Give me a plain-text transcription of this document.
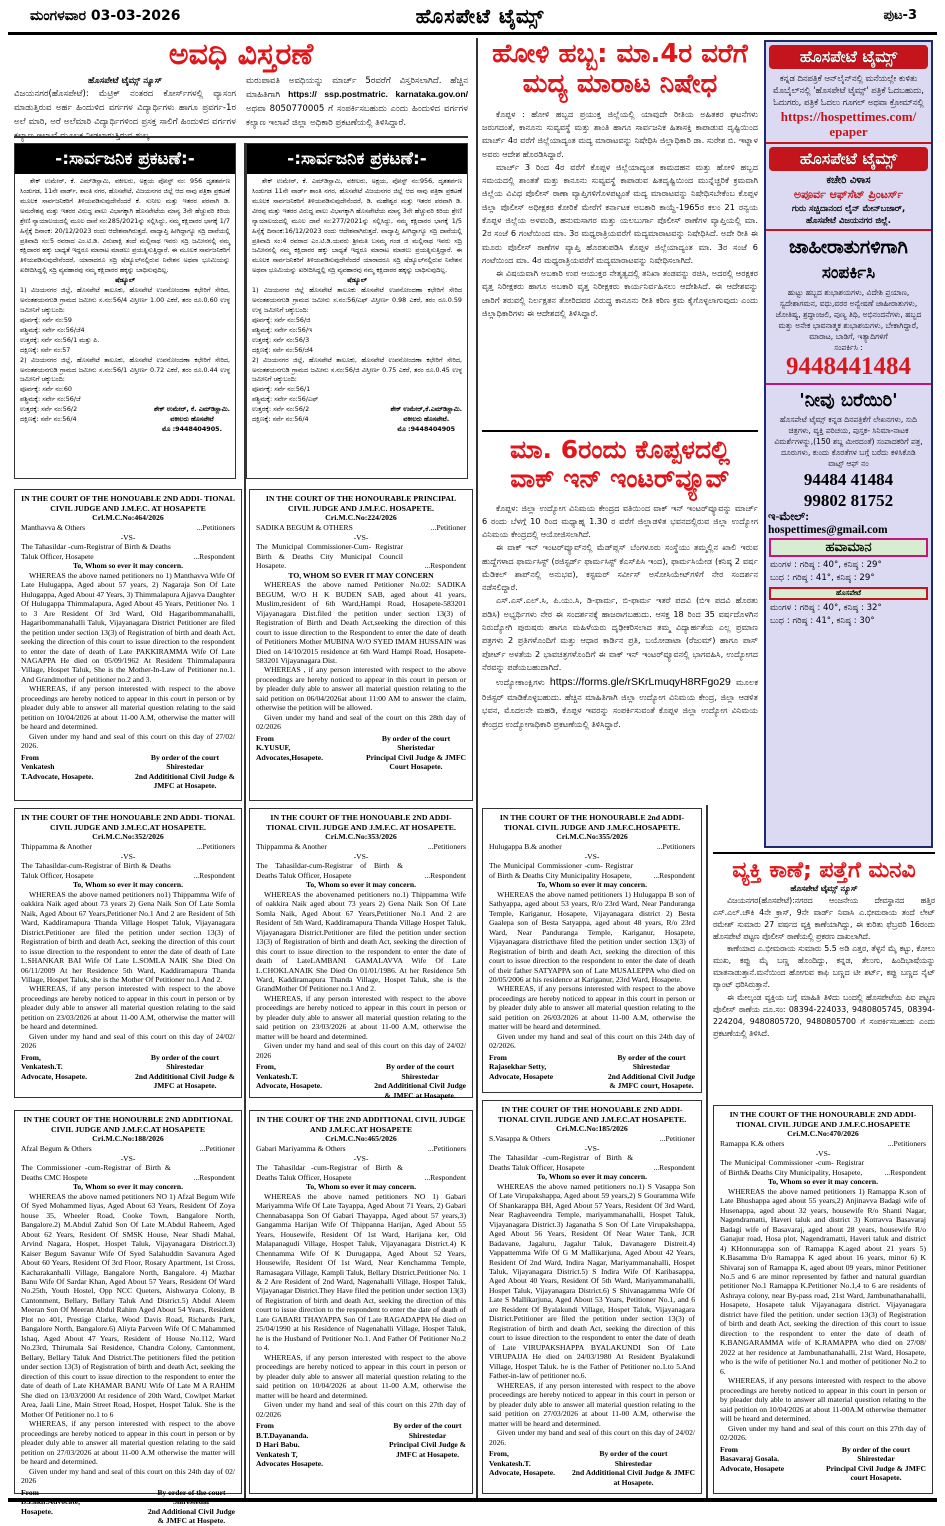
ಮಂಗಳವಾರ 03-03-2026	ಹೊಸಪೇಟೆ ಟೈಮ್ಸ್	ಪುಟ-3
ಅವಧಿ ವಿಸ್ತರಣೆ
ಹೊಸಪೇಟೆ ಟೈಮ್ಸ್ ನ್ಯೂಸ್
ವಿಜಯನಗರ(ಹೊಸಪೇಟೆ): ಮೆಟ್ರಿಕ್ ನಂತರದ ಕೋರ್ಸ್‌ಗಳಲ್ಲಿ ವ್ಯಾಸಂಗ ಮಾಡುತ್ತಿರುವ ಅರ್ಹ ಹಿಂದುಳಿದ ವರ್ಗಗಳ ವಿದ್ಯಾರ್ಥಿಗಳು ಹಾಗೂ ಪ್ರವರ್ಗ-1ರ ಅಲೆ ಮಾರಿ, ಅರೆ ಅಲೆಮಾರಿ ವಿದ್ಯಾರ್ಥಿಗಳಿಂದ ಪ್ರಸಕ್ತ ಸಾಲಿಗೆ ಹಿಂದುಳಿದ ವರ್ಗಗಳ
ಮರುಪಾವತಿ ಅವಧಿಯನ್ನು ಮಾರ್ಚ್ 5ರವರೆಗೆ ವಿಸ್ತರಿಸಲಾಗಿದೆ. ಹೆಚ್ಚಿನ ಮಾಹಿತಿಗಾಗಿ https:// ssp.postmatric. karnataka.gov.on/ ಅಥವಾ 8050770005 ಗೆ ಸಂಪರ್ಕಿಸಬಹುದು ಎಂದು ಹಿಂದುಳಿದ ವರ್ಗಗಳ ಕಲ್ಯಾಣ ಇಲಾಖೆ ಜಿಲ್ಲಾ ಅಧಿಕಾರಿ ಪ್ರಕಟಣೆಯಲ್ಲಿ ತಿಳಿಸಿದ್ದಾರೆ.
-:ಸಾರ್ವಜನಿಕ ಪ್ರಕಟಣೆ:-

ಶೇಕ್ ಉಮೇರ್, ಕೆ. ಎಮ್‌ಡಿಸ್ಲಾಮಿ, ವಕೀಲರು, ಅಕ್ಷಯ ಪೋಸ್ಟ್ ನಂ: 956 ದೃತತರ್ಪಣ ಸಿಂಡುಗಡ, 11ನೇ ವಾರ್ಡ್, ಶಾಂತಿ ನಗರ, ಹೊಸಪೇಟೆ, ವಿಜಯನಗರ ಜಿಲ್ಲೆ ಆದ ನಾವು ಪತ್ರಿಕಾ ಪ್ರಕಟಣೆ ಮೂಲಕ ಸಾರ್ವಜನಿಕರಿಗೆ ತಿಳಿಯಪಡಿಸುವುದೇನೆಂದರೆ ಕೆ. ಸುನೀಲ ಮತ್ತು ಇತರರ ಪರವಾಗಿ ಡಿ. ಅಮರೇಶಪ್ಪ ಮತ್ತು ಇತರರ ವಿರುದ್ಧ ಪಾಲು ವಿಭಾಗಕ್ಕಾಗಿ ಹೊಸಪೇಟೆಯ ಮಾನ್ಯ 3ನೇ ಹೆಚ್ಚುವರಿ ಕಿರಿಯ ಶ್ರೇಣಿ ನ್ಯಾಯಾಲಯದಲ್ಲಿ ಮೂಲ ದಾವೆ ಸಂ:285/2021ನ್ನು ಸಲ್ಲಿಸಿದ್ದು, ನಮ್ಮ ಕಕ್ಷಿದಾರರ ಭಾಗಕ್ಕೆ 1/7 ಹಿಸ್ಸೆಕ್ಕೆ ದಿನಾಂಕ: 20/12/2023 ರಂದು ಆದೇಶವಾಗಿರುತ್ತದೆ. ವಾದ್ಯಾಪ್ತಿ ಹೀಗಿದ್ದಾಗ್ಯೂ ಸದ್ರಿ ದಾವೆಯಲ್ಲಿ ಪ್ರತಿವಾದಿ ಸಂ:5 ರವರಾದ ಎಂ.ಟಿ.ಡಿ. ವಿರುಪಾಕ್ಷಿ ತಂದೆ ಮಲ್ಲಿನಾಥ ಇವರು ಸದ್ರಿ ಜಮೀನನಲ್ಲಿ ನಮ್ಮ ಕಕ್ಷಿದಾರರ ಹಕ್ಕು ಬಾಧ್ಯತೆ ಇದ್ದರೂ ಮಾರಾಟ ಮಾಡಲು ಪ್ರಯತ್ನಿಸುತ್ತಿದ್ದಾರೆ. ಈ ಮೂಲಕ ಸಾರ್ವಜನಿಕರಿಗೆ ತಿಳಿಯಪಡಿಸುವುದೇನೆಂದರೆ, ಯಾರಾದರೂ ಸದ್ರಿ ಷೆಡ್ಯೂಲ್‌ನಲ್ಲಿರುವ ನಿವೇಶನ ಅಥವಾ ಭೂಮಿಯನ್ನು ಖರೀದಿಸಿದ್ದಲ್ಲಿ ಸದ್ರಿ ವ್ಯವಹಾರವು ನಮ್ಮ ಕಕ್ಷಿದಾರರ ಹಕ್ಕನ್ನು ಬಾಧಿಸುವುದಿಲ್ಲ.

ಷೆಡ್ಯೂಲ್
1) ವಿಜಯನಗರ ಜಿಲ್ಲೆ, ಹೊಸಪೇಟೆ ತಾಲೂಕು, ಹೊಸಪೇಟೆ ಉಪನೋಂದಣಾ ಕಛೇರಿಗೆ ಸೇರಿದ, ಅನಂತಶಯನಗುಡಿ ಗ್ರಾಮದ ಜಮೀನು ಸ.ನಂ:56/4 ವಿಸ್ತೀರ್ಣ 1.00 ಎಕರೆ, ತರಂ ರೂ.0.60 ಉಳ್ಳ ಜಮೀನಿಗೆ ಚಕ್ಕುಬಂದಿ:
ಪೂರ್ವಕ್ಕೆ: ಸರ್ವೆ ನಂ:59
ಪಶ್ಚಿಮಕ್ಕೆ: ಸರ್ವೇ ನಂ:56/ಜೆ4
ಉತ್ತರಕ್ಕೆ: ಸರ್ವೆ ನಂ:56/1 ಮತ್ತು ಪಿ.
ದಕ್ಷಿಣಕ್ಕೆ: ಸರ್ವೆ ನಂ:57
2) ವಿಜಯನಗರ ಜಿಲ್ಲೆ, ಹೊಸಪೇಟೆ ತಾಲೂಕು, ಹೊಸಪೇಟೆ ಉಪನೋಂದಣಾ ಕಛೇರಿಗೆ ಸೇರಿದ, ಅನಂತಶಯನಗುಡಿ ಗ್ರಾಮದ ಜಮೀನು ಸ.ನಂ:56/1 ವಿಸ್ತೀರ್ಣ 0.72 ಎಕರೆ, ತರಂ ರೂ.0.44 ಉಳ್ಳ ಜಮೀನಿಗೆ ಚಕ್ಕುಬಂದಿ:
ಪೂರ್ವಕ್ಕೆ: ಸರ್ವೆ ನಂ:60
ಪಶ್ಚಿಮಕ್ಕೆ: ಸರ್ವೇ ನಂ:56/ಜೆ
ಉತ್ತರಕ್ಕೆ: ಸರ್ವೆ ನಂ:56/2
ದಕ್ಷಿಣಕ್ಕೆ: ಸರ್ವೆ ನಂ:56/4
ಶೇಕ್ ಉಮೇರ್, ಕೆ. ಎಮ್‌ಡಿಸ್ಲಾಮಿ.
ವಕೀಲರು ಹೊಸಪೇಟೆ
ಮೊ :9448404905.
-:ಸಾರ್ವಜನಿಕ ಪ್ರಕಟಣೆ:-

ಶೇಕ್ ಉಮೇರ್, ಕೆ. ಎಮ್‌ಡಿಸ್ಲಾಮಿ, ವಕೀಲರು, ಅಕ್ಷಯ, ಪೋಸ್ಟ್ ನಂ:956, ದೃತತರ್ಪಣ ಸಿಂಡುಗಡ 11ನೇ ವಾರ್ಡ್ ಶಾಂತಿ ನಗರ, ಹೊಸಪೇಟೆ ವಿಜಯನಗರ ಜಿಲ್ಲೆ ಆದ ನಾವು ಪತ್ರಿಕಾ ಪ್ರಕಟಣೆ ಮೂಲಕ ಸಾರ್ವಜನಿಕರಿಗೆ ತಿಳಿಯಪಡಿಸುವುದೇನೆಂದರೆ, ಡಿ. ಮಹೇಶ್ವರ ಮತ್ತು ಇತರರ ಪರವಾಗಿ ಡಿ. ವೀರಪ್ಪ ಮತ್ತು ಇತರರ ವಿರುದ್ಧ ಪಾಲು ವಿಭಾಗಕ್ಕಾಗಿ ಹೊಸಪೇಟೆಯ ಮಾನ್ಯ 3ನೇ ಹೆಚ್ಚುವರಿ ಕಿರಿಯ ಶ್ರೇಣಿ ನ್ಯಾಯಾಲಯದಲ್ಲಿ ಮೂಲ ದಾವೆ ಸಂ:277/2021ನ್ನು ಸಲ್ಲಿಸಿದ್ದು, ನಮ್ಮ ಕಕ್ಷಿದಾರರ ಭಾಗಕ್ಕೆ 1/5 ಹಿಸ್ಸೆಕ್ಕೆ ದಿನಾಂಕ:16/12/2023 ರಂದು ಆದೇಶವಾಗಿರುತ್ತದೆ. ವಾದ್ಯಾಪ್ತಿ ಹೀಗಿದ್ದಾಗ್ಯೂ ಸದ್ರಿ ದಾವೆಯಲ್ಲಿ ಪ್ರತಿವಾದಿ ಸಂ:4 ರವರಾದ ಎಂ.ಟಿ.ಡಿ.ಯವರು ಶ್ರೀಮತಿ ಬಸಮ್ಮ ಗಂಡ ಜಿ ಮಲ್ಲಿನಾಥ ಇವರು ಸದ್ರಿ ಜಮೀನನಲ್ಲಿ ನಮ್ಮ ಕಕ್ಷಿದಾರರ ಹಕ್ಕು ಬಾಧ್ಯತೆ ಇದ್ದರೂ ಮಾರಾಟ ಮಾಡಲು ಪ್ರಯತ್ನಿಸುತ್ತಿದ್ದಾರೆ. ಈ ಮೂಲಕ ಸಾರ್ವಜನಿಕರಿಗೆ ತಿಳಿಯಪಡಿಸುವುದೇನೆಂದರೆ ಯಾರಾದರೂ ಸದ್ರಿ ಷೆಡ್ಯೂಲ್‌ನಲ್ಲಿರುವ ನಿವೇಶನ ಅಥವಾ ಭೂಮಿಯನ್ನು ಖರೀದಿಸಿದ್ದಲ್ಲಿ ಸದ್ರಿ ವ್ಯವಹಾರವು ನಮ್ಮ ಕಕ್ಷಿದಾರರ ಹಕ್ಕನ್ನು ಬಾಧಿಸುವುದಿಲ್ಲ.

ಷೆಡ್ಯೂಲ್
1) ವಿಜಯನಗರ ಜಿಲ್ಲೆ ಹೊಸಪೇಟೆ ತಾಲೂಕು ಹೊಸಪೇಟೆ ಉಪನೋಂದಣಾ ಕಛೇರಿಗೆ ಸೇರಿದ ಅನಂತಶಯನಗುಡಿ ಗ್ರಾಮದ ಜಮೀನು ಸ.ನಂ:56/ಎಫ್ ವಿಸ್ತೀರ್ಣ 0.98 ಎಕರೆ, ತರಂ ರೂ.0.59 ಉಳ್ಳ ಜಮೀನಿಗೆ ಚಕ್ಕುಬಂದಿ:
ಪೂರ್ವಕ್ಕೆ: ಸರ್ವೆ ನಂ:56/ಜಿ
ಪಶ್ಚಿಮಕ್ಕೆ: ಸರ್ವೇ ನಂ:56/ಇ
ಉತ್ತರಕ್ಕೆ: ಸರ್ವೆ ನಂ:56/3
ದಕ್ಷಿಣಕ್ಕೆ: ಸರ್ವೆ ನಂ:56/ಜೆ4
2) ವಿಜಯನಗರ ಜಿಲ್ಲೆ, ಹೊಸಪೇಟೆ ತಾಲೂಕು, ಹೊಸಪೇಟೆ ಉಪನೋಂದಣಾ ಕಛೇರಿಗೆ ಸೇರಿದ, ಅನಂತಶಯನಗುಡಿ ಗ್ರಾಮದ ಜಮೀನು ಸ.ನಂ:56/ಜಿ ವಿಸ್ತೀರ್ಣ 0.75 ಎಕರೆ, ತರಂ ರೂ.0.45 ಉಳ್ಳ ಜಮೀನಿಗೆ ಚಕ್ಕುಬಂದಿ:
ಪೂರ್ವಕ್ಕೆ: ಸರ್ವೆ ನಂ:56/1
ಪಶ್ಚಿಮಕ್ಕೆ: ಸರ್ವೇ ನಂ:56/ಎಫ್
ಉತ್ತರಕ್ಕೆ: ಸರ್ವೆ ನಂ:56/2
ದಕ್ಷಿಣಕ್ಕೆ: ಸರ್ವೆ ನಂ:56/4
ಶೇಕ್ ಉಮೇರ್,ಕೆ.ಎಮ್‌ಡಿಸ್ಲಾಮಿ.
ವಕೀಲರು ಹೊಸಪೇಟೆ.
ಮೊ :9448404905
IN THE COURT OF THE HONOUABLE 2ND ADDI- TIONAL CIVIL JUDGE AND J.M.F.C. AT HOSAPETE
Crl.M.C.No:464/2026
Manthavva & Others	...Petitioners
-VS-
The Tahasildar -cum-Registrar of Birth & Deaths Taluk Officer, Hosapete	...Respondent
To, Whom so ever it may concern.

WHEREAS the above named petitioners no 1) Manthavva Wife Of Late Hulugappa, Aged about 57 years, 2) Nagaraja Son Of Late Hulugappa, Aged About 47 Years, 3) Thimmalapura Ajjavva Daughter Of Hulugappa Thimmalapura, Aged About 45 Years, Petitioner No. 1 to 3 Are Resident Of 3rd Ward, Old Hagaribommanahalli, Hagaribommanahalli Taluk, Vijayanagara District Petitioner are filed the petition under section 13(3) of Registration of birth and death Act, seeking the direction of this court to issue direction to the respondent to enter the date of death of Late PAKKIRAMMA Wife Of Late NAGAPPA He died on 05/09/1962 At Resident Thimmalapaura Village, Hospet Taluk, She is the Mother-In-Law of Petitioner no.1. And Grandmother of petitioner no.2 and 3.

WHEREAS, if any person interested with respect to the above proceedings are hereby noticed to appear in this court in person or by pleader duly able to answer all material question relating to the said petition on 10/04/2026 at about 11-00 A.M, otherwise the matter will be heard and determined.

Given under my hand and seal of this court on this day of 27/02/ 2026.

From
Venkatesh
T.Advocate, Hosapete.
By order of the court
Shirestedar
2nd Addititional Civil Judge &
JMFC at Hosapete.
IN THE COURT OF THE HONOURABLE PRINCIPAL CIVIL JUDGE AND J.M.F.C. HOSAPETE.
Cri.M.C.No:224/2026
SADIKA BEGUM & OTHERS	...Petitioner
-VS-
The Municipal Commissioner-Cum- Registrar Birth & Deaths City Municipal Council Hosapete.	...Respondent
TO, WHOM SO EVER IT MAY CONCERN

WHEREAS the above named Petitioner No.02: SADIKA BEGUM, W/O H K BUDEN SAB, aged about 41 years, Muslim,resident of 6th Ward,Hampi Road, Hosapete-583201 Vijayanagara Dist.filed the petition under section 13(3) of Registration of Birth and Death Act,seeking the direction of this court to issue direction to the Respondent to enter the date of death of Petitioners Mother MUBINA W/O SYED IMAM HUSSAIN was Died on 14/10/2015 residence at 6th Ward Hampi Road, Hosapete-583201 Vijayanagara Dist.

WHEREAS , if any person interested with respect to the above proceedings are hereby noticed to appear in this court in person or by pleader duly able to answer all material question relating to the said petition on 06/04/2026at about 11:00 AM to answer the claim, otherwise the petition will be allowed.

Given under my hand and seal of the court on this 28th day of 02/2026

From
K.YUSUF,
Advocates,Hosapete.
By order of the court
Sheristedar
Principal Civil Judge & JMFC
Court Hosapete.
IN THE COURT OF THE HONOUABLE 2ND ADDI- TIONAL CIVIL JUDGE AND J.M.F.C.AT HOSAPETE.
Cri.M.C.No:352/2026
Thippamma & Another	...Petitioners
-VS-
The Tahasildar-cum-Registrar of Birth & Deaths Taluk Officer, Hosapete	...Respondent
To, Whom so ever it may concern.

WHEREAS the above named petitioners no1) Thippamma Wife of oakkira Naik aged about 73 years 2) Gena Naik Son Of Late Somla Naik, Aged About 67 Years,Petitioner No.1 And 2 are Resident of 5th Ward, Kaddiramapura Thanda Village Hospet Taluk, Vijayanagara District.Petitioner are filed the petition under section 13(3) of Registration of birth and death Act, seeking the direction of this court to issue direction to the respondent to enter the date of death of Late L.SHANKAR BAI Wife Of Late L.SOMLA NAIK She Died On 06/11/2009 At her Residence 5th Ward, Kaddiramapura Thanda Village, Hospet Taluk, she is the Mother Of Petitioner no.1 And 2.

WHEREAS, if any person interested with respect to the above proceedings are hereby noticed to appear in this court in person or by pleader duly able to answer all material question relating to the said petition on 23/03/2026 at about 11-00 A.M, otherwise the matter will be heard and determined.

Given under my hand and seal of this court on this day of 24/02/ 2026

From,
Venkatesh.T.
Advocate, Hosapete.
By order of the court
Shirestedar
2nd Addititional Civil Judge &
JMFC at Hosapete.
IN THE COURT OF THE HONOUABLE 2ND ADDI- TIONAL CIVIL JUDGE AND J.M.F.C. AT HOSAPETE.
Cri.M.C.No:353/2026
Thippamma & Another	...Petitioners
-VS-
The Tahasildar-cum-Registrar of Birth & Deaths Taluk Officer, Hosapete	...Respondent
To, Whom so ever it may concern.

WHEREAS the abovenamed petitioners no.1) Thippamma Wife of oakkira Naik aged about 73 years 2) Gena Naik Son Of Late Somla Naik, Aged About 67 Years,Petitioner No.1 And 2 are Resident of 5th Ward, Kaddiramapura Thanda Village Hospet Taluk, Vijayanagara District.Petitioner are filed the petition under section 13(3) of Registration of birth and death Act, seeking the direction of this court to issue direction to the respondent to enter the date of death of LateLAMBANI GAMALAVVA Wife Of Late L.CHOKLANAIK She Died On 01/01/1986. At her Residence 5th Ward, Kaddiramapura Thanda Village, Hospet Taluk, she is the GrandMother Of Petitioner no.1 And 2.

WHEREAS, if any person interested with respect to the above proceedings are hereby noticed to appear in this court in person or by pleader duly able to answer all material question relating to the said petition on 23/03/2026 at about 11-00 A.M, otherwise the matter will be heard and determined.

Given under my hand and seal of this court on this day of 24/02/ 2026

From,
Venkatesh.T.
Advocate, Hosapete.
By order of the court
Shirestedar
2nd Addititional Civil Judge
& JMFC at Hosapete.
IN THE COURT OF THE HONOURABLE 2nd ADDI- TIONAL CIVIL JUDGE AND J.M.F.C.HOSAPETE.
Cri.M.C.No:355/2026
Hulugappa B.& another	...Petitioners
-VS-
The Municipal Commissioner -cum- Registrar of Birth & Deaths City Municipality Hosapete,	...Respondent
To, Whom so ever it may concern.

WHEREAS the above named petitioners 1) Hulugappa B son of Sathyappa, aged about 53 years, R/o 23rd Ward, Near Panduranga Temple, Kariganur, Hosapete, Vijayanagara district 2) Besta Gaalepa son of Besta Satyappa, aged about 48 years, R/o 23rd Ward, Near Panduranga Temple, Kariganur, Hosapete, Vijayanagara districthave filed the petition under section 13(3) of Registration of birth and death Act, seeking the direction of this court to issue direction to the respondent to enter the date of death of their father SATYAPPA son of Late MUSALEPPA who died on 20/05/2006 at his residence at Kariganur, 23rd Ward, Hosapete.

WHEREAS, if any persons interested with respect to the above proceedings are hereby noticed to appear in this court in person or by pleader duly able to answer all material question relating to the said petition on 26/03/2026 at about 11-00 A.M, otherwise the matter will be heard and determined.

Given under my hand and seal of this court on this 24th day of 02/2026.

From
Rajasekhar Setty,
Advocate, Hosapete
By order of the court
Shirestedar
2nd Additional Civil Judge
& JMFC court, Hosapete.
IN THE COURT OF THE HONOURBLE 2ND ADDITIONAL CIVIL JUDGE AND J.M.F.C.AT HOSAPETE
Cri.M.C.No:188/2026
Afzal Begum & Others	...Petitioner
-VS-
The Commissioner -cum-Registrar of Birth & Deaths CMC Hospete	...Respondent
To, Whom so ever it may concern.

WHEREAS the above named petitioners NO 1) Afzal Begum Wife Of Syed Mohammed liyas, Aged About 63 Years, Resident Of Zoya house 35, Wheeler Road, Cooke Town, Bangalore North, Bangalore.2) M.Abdul Zahid Son Of Late M.Abdul Raheem, Aged About 62 Years, Resident Of SMSK House, Near Shadi Mahal, Arvind Nagara, Hospet, Hospet Taluk, Vijayanagara Districct.3) Kaiser Begum Savanur Wife Of Syed Salahuddin Savanura Aged About 60 Years, Resident Of 3rd Floor, Rosary Apartment, 1st Cross, Kacharakanhalli Village, Bangalore North, Bangalore. 4) Mazhar Banu Wife Of Sardar Khan, Aged About 57 Years, Resident Of Ward No.25th, Youth Hostel, Opp NCC Queters, Aishwarya Colony, B Cantonment, Bellary, Bellary Taluk And District.5) Abdul Aleem Meeran Son Of Meeran Abdul Rahim Aged About 54 Years, Resident Plot no 401, Prestige Clarke, Wood Davis Road, Richards Park, Bangalore North, Bangalore.6) Aliyta Parveen Wife Of C Mahammed Ishaq, Aged About 47 Years, Resident of House No.112, Ward No.23rd, Thirumala Sai Residence, Chandra Colony, Cantonment, Bellary, Bellary Taluk And District.The petitioners filed the petition under section 13(3) of Registration of birth and death Act, seeking the direction of this court to issue direction to the respondent to enter the date of death of Late KHAMAR BANU Wife Of Late M A RAHIM She died on 13/03/2000 At residence of 20th Ward, Cowlpet Market Area, Jaali Line, Main Street Road, Hospet, Hospet Taluk. She is the Mother Of Petitioner no.1 to 6

WHEREAS, if any person interested with respect to the above proceedings are hereby noticed to appear in this court in person or by pleader duly able to answer all material question relating to the said petition on 27/03/2026 at about 11-00 A.M otherwise the matter will be heard and determined.

Given under my hand and seal of this court on this 24th day of 02/ 2026

From
Hosapete.
By order of the court
2nd Additional Civil Judge
& JMFC at Hospete.
IN THE COURT OF THE 2ND ADDITIONAL CIVIL JUDGE AND J.M.F.C.AT HOSAPETE
Cri.M.C.No:465/2026
Gabari Mariyamma & Others	...Petitioners
-VS-
The Tahasildar -cum-Registrar of Birth & Deaths Taluk Officer, Hosapete	...Respondent
To, Whom so ever it may concern.

WHEREAS the above named petitioners NO 1) Gabari Mariyamma Wife Of Late Tayappa, Aged About 71 Years, 2) Gabari Chennabasappa Son Of Gabari Thayappa, Aged about 57 years,3) Gangamma Harijan Wife Of Thippanna Harijan, Aged About 55 Years, Housewife, Resident Of 1st Ward, Harijana ker, Old Malapanagudi Village, Hospet Taluk, Vijayanagara District.4) K Chennamma Wife Of K Durugappa, Aged About 52 Years, Housewife, Resident Of 1st Ward, Near Kenchamma Temple, Ramasagara Village, Kampli Taluk, Bellary District.Petitioner No. 1 & 2 Are Resident of 2nd Ward, Nagenahalli Village, Hospet Taluk, Vijayanagar District.They Have filed the petition under section 13(3) of Registration of birth and death Act, seeking the direction of this court to issue direction to the respondent to enter the date of death of Late GABARI THAYAPPA Son Of Late RAGADAPPA He died on 25/04/1990 at his Residence of Nagenahalli Village, Hospet Taluk, he is the Husband of Petitioner No.1. And Father Of Petitioner No.2 to 4.

WHEREAS, if any person interested with respect to the above proceedings are hereby noticed to appear in this court in person or by pleader duly able to answer all material question relating to the said petition on 10/04/2026 at about 11-00 A.M, otherwise the matter will be heard and determined.

Given under my hand and seal of this court on this 27th day of 02/2026

From
B.T.Dayananda.
D Hari Babu.
Venkatesh T,
Advocates Hosapete.
By order of the court
Shirestedar
Principal Civil Judge &
JMFC at Hosapete.
IN THE COURT OF THE HONOUABLE 2ND ADDI- TIONAL CIVIL JUDGE AND J.M.F.C.AT HOSAPETE.
Cri.M.C.No:185/2026
S.Vasappa & Others	...Petitioner
-VS-
The Tahasildar -cum-Registrar of Birth & Deaths Taluk Officer, Hosapete	...Respondent
To, Whom so ever it may concern.

WHEREAS the above named petitioners no.1) S Vasappa Son Of Late Virupakshappa, Aged about 59 years,2) S Gouramma Wife Of Shankarappa BH, Aged About 57 Years, Resident Of 3rd Ward, Near Raghaveendra Temple, mariyammanahalli, Hospet Taluk, Vijayanagara District.3) Jaganatha S Son Of Late Virupakshappa, Aged About 56 Years, Resident Of Near Water Tank, JCR Badavane, Jagaluru, Jagalur Taluk, Davanagere Distreit.4) Vappattemma Wife Of G M Mallikarjuna, Aged About 42 Years, Resident Of 2nd Ward, Indira Nagar, Mariyammanahalli, Hospet Taluk, Vijayanagara District.5) S Indira Wife Of Karibasappa, Aged About 40 Years, Resident Of 5th Ward, Mariyammanahalli, Hospet Taluk, Vijayanagara District.6) S Shivanagamma Wife Of Late S Mallikarjuna, Aged About 53 Years, Petitioner No.1, and 6 are Resident Of Byalakundi Village, Hospet Taluk, Vijayanagara District.Petitioner are filed the petition under section 13(3) of Registration of birth and death Act, seeking the direction of this court to issue direction to the respondent to enter the date of death of Late VIRUPAKSHAPPA BYALAKUNDI Son Of Late VIRUPAJJA He died on 24/03/1980 At Resident Byalakundi Village, Hospet Taluk. he is the Father of Petitioner no.1.to 5.And Father-in-law of petitioner no.6.

WHEREAS, if any person interested with respect to the above proceedings are hereby noticed to appear in this court in person or by pleader duly able to answer all material question relating to the said petition on 27/03/2026 at about 11-00 A.M, otherwise the matter will be heard and determined.

Given under my band and seal of this court on this day of 24/02/ 2026.

From,
Venkatesh.T.
Advocate, Hosapete.
By order of the court
Shirestedar
2nd Addititional Civil Judge & JMFC
at Hosapete.
IN THE COURT OF THE HONOURABLE 2ND ADDI- TIONAL CIVIL JUDGE AND J.M.F.C.HOSAPETE
Cri.M.C.No:470/2026
Ramappa K.& others	...Petitioners
-VS-
The Municipal Commissioner -cum- Registrar of Birth& Deaths City Municipality, Hosapete,	...Respondent
To, Whom so ever it may concern.

WHEREAS the above named petitioners 1) Ramappa K.son of Late Bhushappa aged about 55 years,2) Anjinavva Badagi wife of Husenappa, aged about 32 years, housewife R/o Shanti Nagar, Nagendramatti, Haveri taluk and district 3) Kotravva Basavaraj Badagi wife of Basavaraj, aged about 28 years, housewife R/o Ganajur road, Hosa plot, Nagendramatti, Haveri taluk and district 4) KHonnurappa son of Ramappa K.aged about 21 years 5) K.Basamma D/o Ramappa K aged about 16 years, minor 6) K Shivaraj son of Ramappa K, aged about 09 years, minor Petitioner No.5 and 6 are minor represented by father and natural guardian petitioner No.1 Ramappa K.Petitioner No.1,4 to 6 are residents of Ashraya colony, near By-pass road, 21st Ward, Jambunathanahalli, Hosapete, Hosapete taluk Vijayanagara district. Vijayanagara district have filed the petition. under section 13(3) of Registration of birth and death Act, seeking the direction of this court to issue direction to the respondent to enter the date of death of K.BANGARAMMA wife of K.RAMAPPA who died on 27/08/ 2022 at her residence at Jambunathanahalli, 21st Ward, Hosapete, who is the wife of petitioner No.1 and mother of petitioner No.2 to 6.

WHEREAS, if any persons interested with respect to the above proceedings are hereby noticed to appear in this court in person or by pleader duly able to answer all material question relating to the said petition on 10/04/2026 at about 11-00A.M otherwise thematter will be heard and determined.

Given under my hand and seal of this court on this 27th day of 02/2026.

From
Basavaraj Gosala.
Advocate, Hosapete
By order of the court
Shirestedar
Principal Civil Judge & JMFC
court Hosapete.
ಹೋಳಿ ಹಬ್ಬ: ಮಾ.4ರ ವರೆಗೆ
ಮದ್ಯ ಮಾರಾಟ ನಿಷೇಧ

ಕೊಪ್ಪಳ : ಹೋಳಿ ಹಬ್ಬದ ಪ್ರಯುಕ್ತ ಜಿಲ್ಲೆಯಲ್ಲಿ ಯಾವುದೇ ರೀತಿಯ ಅಹಿತಕರ ಘಟನೆಗಳು ಜರುಗದಂತೆ, ಕಾನೂನು ಸುವ್ಯವಸ್ಥೆ ಮತ್ತು ಶಾಂತಿ ಹಾಗೂ ಸಾರ್ವಜನಿಕ ಹಿತಾಸಕ್ತಿ ಕಾಪಾಡುವ ದೃಷ್ಟಿಯಿಂದ ಮಾರ್ಚ್ 4ರ ವರೆಗೆ ಜಿಲ್ಲೆಯಾದ್ಯಂತ ಮದ್ಯ ಮಾರಾಟವನ್ನು ನಿಷೇಧಿಸಿ ಜಿಲ್ಲಾಧಿಕಾರಿ ಡಾ. ಸುರೇಶ ಬಿ. ಇಟ್ನಾಳ ಅವರು ಆದೇಶ ಹೊರಡಿಸಿದ್ದಾರೆ.

ಮಾರ್ಚ್ 3 ರಿಂದ 4ರ ವರೆಗೆ ಕೊಪ್ಪಳ ಜಿಲ್ಲೆಯಾದ್ಯಂತ ಕಾಮದಹನ ಮತ್ತು ಹೋಳಿ ಹಬ್ಬದ ಸಮಯದಲ್ಲಿ ಶಾಂತತೆ ಮತ್ತು ಕಾನೂನು ಸುವ್ಯವಸ್ಥೆ ಕಾಪಾಡುವ ಹಿತದೃಷ್ಟಿಯಿಂದ ಮುನ್ನೆಚ್ಚರಿಕೆ ಕ್ರಮವಾಗಿ ಜಿಲ್ಲೆಯ ವಿವಿಧ ಪೊಲೀಸ್ ಠಾಣಾ ವ್ಯಾಪ್ತಿಗಳಿಗೊಳಪಟ್ಟಂತೆ ಮದ್ಯ ಮಾರಾಟವನ್ನು ನಿಷೇಧಿಸಬೇಕೆಂಬ ಕೊಪ್ಪಳ ಜಿಲ್ಲಾ ಪೊಲೀಸ್ ಅಧೀಕ್ಷಕರ ಕೋರಿಕೆ ಮೇರೆಗೆ ಕರ್ನಾಟಕ ಅಬಕಾರಿ ಕಾಯ್ದೆ-1965ರ ಕಲಂ 21 ರನ್ವಯ ಕೊಪ್ಪಳ ಜಿಲ್ಲೆಯ ಅಳವಂಡಿ, ಹನುಮಸಾಗರ ಮತ್ತು ಯಲಬುರ್ಗಾ ಪೊಲೀಸ್ ಠಾಣೆಗಳ ವ್ಯಾಪ್ತಿಯಲ್ಲಿ ಮಾ. 2ರ ಸಂಜೆ 6 ಗಂಟೆಯಿಂದ ಮಾ. 3ರ ಮಧ್ಯರಾತ್ರಿಯವರೆಗೆ ಮದ್ಯಮಾರಾಟವನ್ನು ನಿಷೇಧಿಸಿದೆ. ಅದೇ ರೀತಿ ಈ ಮೂರು ಪೊಲೀಸ್ ಠಾಣೆಗಳ ವ್ಯಾಪ್ತಿ ಹೊರತುಪಡಿಸಿ ಕೊಪ್ಪಳ ಜಿಲ್ಲೆಯಾದ್ಯಂತ ಮಾ. 3ರ ಸಂಜೆ 6 ಗಂಟೆಯಿಂದ ಮಾ. 4ರ ಮಧ್ಯರಾತ್ರಿಯವರೆಗೆ ಮದ್ಯಮಾರಾಟವನ್ನು ನಿಷೇಧಿಸಲಾಗಿದೆ.

ಈ ವಿಷಯವಾಗಿ ಅಬಕಾರಿ ಉಪ ಆಯುಕ್ತರ ನೇತೃತ್ವದಲ್ಲಿ ತನಿಖಾ ತಂಡವನ್ನು ರಚಿಸಿ, ಅದರಲ್ಲಿ ಆರಕ್ಷಕರ ವೃತ್ತ ನಿರೀಕ್ಷಕರು ಹಾಗೂ ಅಬಕಾರಿ ವೃತ್ತ ನಿರೀಕ್ಷಕರು ಕಾರ್ಯನಿರ್ವಹಿಸಲು ಆದೇಶಿಸಿದೆ. ಈ ಆದೇಶವನ್ನು ಜಾರಿಗೆ ತರುವಲ್ಲಿ ನಿರ್ಲಕ್ಷತನ ತೋರಿದವರ ವಿರುದ್ಧ ಕಾನೂನು ರೀತಿ ಕಠಿಣ ಕ್ರಮ ಕೈಗೊಳ್ಳಲಾಗುವುದು ಎಂದು ಜಿಲ್ಲಾಧಿಕಾರಿಗಳು ಈ ಆದೇಶದಲ್ಲಿ ತಿಳಿಸಿದ್ದಾರೆ.

ಮಾ. 6ರಂದು ಕೊಪ್ಪಳದಲ್ಲಿ
ವಾಕ್ ಇನ್ ಇಂಟರ್‌ವ್ಯೂವ್

ಕೊಪ್ಪಳ: ಜಿಲ್ಲಾ ಉದ್ಯೋಗ ವಿನಿಮಯ ಕೇಂದ್ರದ ವತಿಯಿಂದ ವಾಕ್ ಇನ್ ಇಂಟರ್‌ವ್ಯೂವನ್ನು ಮಾರ್ಚ್ 6 ರಂದು ಬೆಳಗ್ಗೆ 10 ರಿಂದ ಮಧ್ಯಾಹ್ನ 1.30 ರ ವರೆಗೆ ಜಿಲ್ಲಾಡಳಿತ ಭವನದಲ್ಲಿರುವ ಜಿಲ್ಲಾ ಉದ್ಯೋಗ ವಿನಿಮಯ ಕೇಂದ್ರದಲ್ಲಿ ಆಯೋಜಿಸಲಾಗಿದೆ.

ಈ ವಾಕ್ ಇನ್ ಇಂಟರ್‌ವ್ಯೂವ್‌ನಲ್ಲಿ ಮೆಡ್‌ಪ್ಲಸ್ ಬೆಂಗಳೂರು ಸಂಸ್ಥೆಯು ತಮ್ಮಲ್ಲಿನ ಖಾಲಿ ಇರುವ ಹುದ್ದೆಗಳಾದ ಫಾರ್ಮಸಿಸ್ಟ್ (ರಜಿಸ್ಟರ್ಡ್ ಫಾರ್ಮಸಿಸ್ಟ್ ಕೆಎಸ್‌ಪಿಸಿ ಇಂದ), ಫಾರ್ಮಸಿಯೇಡ (ಕನಿಷ್ಠ 2 ವರ್ಷ ಮೆಡಿಕಲ್ ಶಾಪ್‌ನಲ್ಲಿ ಅನುಭವ), ಕಸ್ಟಮರ್ ಸರ್ವೀಸ್ ಅಸೋಸಿಯೇಟ್‌ಗಳಿಗೆ ನೇರ ಸಂದರ್ಶನ ನಡೆಸಲಿದ್ದಾರೆ.

ಎಸ್.ಎಸ್.ಎಲ್.ಸಿ, ಪಿ.ಯು.ಸಿ, ಡಿ-ಫಾರ್ಮ, ಬಿ-ಫಾರ್ಮ ಇತರೆ ಪದವಿ (ಬಿಇ ಪದವಿ ಹೊರತು ಪಡಿಸಿ) ಅಭ್ಯರ್ಥಿಗಳು ನೇರ ಈ ಸಂದರ್ಶನಕ್ಕೆ ಹಾಜರಾಗಬಹುದು. ಆಸಕ್ತ 18 ರಿಂದ 35 ವರ್ಷದೊಳಗಿನ ನಿರುದ್ಯೋಗಿ ಪುರುಷರು ಹಾಗೂ ಮಹಿಳೆಯರು ದೃಢೀಕರಿಸಲಾದ ತಮ್ಮ ವಿದ್ಯಾರ್ಹತೆಯ ಎಲ್ಲ ಪ್ರಮಾಣ ಪತ್ರಗಳು 2 ಪ್ರತಿಗಳೊಂದಿಗೆ ಮತ್ತು ಆಧಾರ ಕಾರ್ಡಿನ ಪ್ರತಿ, ಬಯೋಡಾಟಾ (ರೆಜುಮ್) ಹಾಗೂ ಪಾಸ್ ಪೋರ್ಟ್ ಅಳತೆಯ 2 ಭಾವಚಿತ್ರಗಳೊಂದಿಗೆ ಈ ವಾಕ್ ಇನ್ ಇಂಟರ್‌ವ್ಯೂವನಲ್ಲಿ ಭಾಗವಹಿಸಿ, ಉದ್ಯೋಗದ ನೆರವನ್ನು ಪಡೆಯಬಹುದಾಗಿದೆ.

ಉದ್ಯೋಕಾಂಕ್ಷಿಗಳು https://forms.gle/rSKrLmuqyH8RFgo29 ಮೂಲಕ ರಿಜಿಸ್ಟರ್ ಮಾಡಿಕೊಳ್ಳಬಹುದು. ಹೆಚ್ಚಿನ ಮಾಹಿತಿಗಾಗಿ ಜಿಲ್ಲಾ ಉದ್ಯೋಗ ವಿನಿಮಯ ಕೇಂದ್ರ, ಜಿಲ್ಲಾ ಆಡಳಿತ ಭವನ, ಮೊದಲನೇ ಮಹಡಿ, ಕೊಪ್ಪಳ ಇವರನ್ನು ಸಂಪರ್ಕಿಸುವಂತೆ ಕೊಪ್ಪಳ ಜಿಲ್ಲಾ ಉದ್ಯೋಗ ವಿನಿಮಯ ಕೇಂದ್ರದ ಉದ್ಯೋಗಾಧಿಕಾರಿ ಪ್ರಕಟಣೆಯಲ್ಲಿ ತಿಳಿಸಿದ್ದಾರೆ.

ವ್ಯಕ್ತಿ ಕಾಣೆ; ಪತ್ತೆಗೆ ಮನವಿ
ಹೊಸಪೇಟೆ ಟೈಮ್ಸ್ ನ್ಯೂಸ್

ವಿಜಯನಗರ(ಹೊಸಪೇಟೆ):ನಗರದ ಆಂಜನೇಯ ದೇವಸ್ಥಾನದ ಹತ್ತಿರ ಎಸ್.ಎಲ್.ಚೌಕಿ 4ನೇ ಕ್ರಾಸ್, 9ನೇ ವಾರ್ಡ್ ನಿವಾಸಿ ಎ.ಭೀಮರಾಯ ತಂದೆ ಲೇಟ್ ರಮೇಶ್ ಸುಮಾರು 27 ವರ್ಷದ ವ್ಯಕ್ತಿ ಕಾಣೆಯಾಗಿದ್ದು, ಈ ಕುರಿತು ಫೆಬ್ರವರಿ 16ರಂದು ಹೊಸಪೇಟೆ ಪಟ್ಟಣ ಪೊಲೀಸ್ ಠಾಣೆಯಲ್ಲಿ ಪ್ರಕರಣ ದಾಖಲಾಗಿದೆ.

ಕಾಣೆಯಾದ ಎ.ಭೀಮರಾಯ ಸುಮಾರು 5.5 ಅಡಿ ಎತ್ತರ, ತೆಳ್ಳನೆ ಮೈ ಕಟ್ಟು, ಕೋಲು ಮುಖ, ಕಪ್ಪು ಮೈ ಬಣ್ಣ ಹೊಂದಿದ್ದು, ಕನ್ನಡ, ತೆಲುಗು, ಹಿಂದಿಭಾಷೆಯನ್ನು ಮಾತನಾಡುತ್ತಾನೆ.ಮನೆಯಿಂದ ಹೋಗುವ ಕಾಫಿ ಬಣ್ಣದ ಟೀ ಶರ್ಟ್, ಕಪ್ಪು ಬಣ್ಣದ ನೈಟ್ ಪ್ಯಾಂಟ್ ಧರಿಸಿರುತ್ತಾನೆ.

ಈ ಮೇಲ್ಕಂಡ ವ್ಯಕ್ತಿಯ ಬಗ್ಗೆ ಮಾಹಿತಿ ತಿಳಿದು ಬಂದಲ್ಲಿ ಹೊಸಪೇಟೆಯ ಪಿಐ ಪಟ್ಟಣ ಪೊಲೀಸ್ ಠಾಣೆಯ ದೂ.ಸಂ: 08394-224033, 9480805745, 08394-224204, 9480805720, 9480805700 ಗೆ ಸಂಪರ್ಕಿಸಬಹುದು ಎಂದು ಪ್ರಕಟಣೆಯಲ್ಲಿ ತಿಳಿಸಿದೆ.

ಹೊಸಪೇಟೆ ಟೈಮ್ಸ್
ಕನ್ನಡ ದಿನಪತ್ರಿಕೆ ಆನ್‌ಲೈನ್‌ನಲ್ಲಿ ಮನೆಯಲ್ಲೇ ಕುಳಿತು ಮೊಬೈಲ್‌ನಲ್ಲಿ 'ಹೊಸಪೇಟೆ ಟೈಮ್ಸ್' ಪತ್ರಿಕೆ ಓದಬಹುದು, ಓದುಗರು, ಪತ್ರಿಕೆ ಓದಲು ಗೂಗಲ್ ಅಥವಾ ಕ್ರೋಮ್‌ನಲ್ಲಿ
https://hospettimes.com/ epaper
ಹೊಸಪೇಟೆ ಟೈಮ್ಸ್
ಕಚೇರಿ ವಿಳಾಸ
ಅಪೂರ್ವ ಆಫ್‌ಸೆಟ್ ಪ್ರಿಂಟರ್ಸ್
ಗುರು ಸಚ್ಚಿದಾನಂದ ಲೈನ್ ಮೇನ್‌ಬಜಾರ್, ಹೊಸಪೇಟೆ ವಿಜಯನಗರ ಜಿಲ್ಲೆ.
ಜಾಹೀರಾತುಗಳಿಗಾಗಿ
ಸಂಪರ್ಕಿಸಿ
ಹುಟ್ಟು ಹಬ್ಬದ ಶುಭಾಶಯಗಳು, ವಿದೇಶಿ ಪ್ರಯಾಣ, ಸ್ವದೇಶಾಗಮನ, ವಧು,ವರರ ಅನ್ವೇಷಣೆ ಜಾಹೀರಾತುಗಳು, ಜೋತಿಷ್ಯ, ಶ್ರದ್ಧಾಂಜಲಿ, ಪುಣ್ಯ ತಿಥಿ, ಅಭಿನಂದನೆಗಳು, ಹಬ್ಬದ ಮತ್ತು ಅನೇಕ ಭಾವನಾತ್ಮಕ ಶುಭಾಶಯಗಳು, ಬೇಕಾಗಿದ್ದಾರೆ, ಮಾರಾಟ, ಬಾಡಿಗೆ, ಇತ್ಯಾದಿಗಳಿಗೆ
ಸಂಪರ್ಕಿಸಿ :
9448441484
'ನೀವು ಬರೆಯಿರಿ'
ಹೊಸಪೇಟೆ ಟೈಮ್ಸ್ ಕನ್ನಡ ದಿನಪತ್ರಿಕೆಗೆ ಲೇಖನಗಳು, ಸುದಿ ಚಿತ್ರಗಳು, ವ್ಯಕ್ತಿ ಪರಿಚಯ, ಪುಸ್ತಕ- ಸಿನಿಮಾ-ನಾಟಕ ವಿಮರ್ಶೆಗಳನ್ನು,(150 ಶಬ್ದ ಮೀರದಂತೆ) ಸಂಪಾದಕರಿಗೆ ಪತ್ರ, ದೂರುಗಳು, ಕುಂದು ಕೊರತೆಗಳ ಬಗ್ಗೆ ಬರೆದು ಕಳಿಸಿಕೊಡಿ
ವಾಟ್ಸ್ ಆಫ್ ನಂ
94484 41484
99802 81752
ಇ-ಮೇಲ್: hospettimes@gmail.com
ಹವಾಮಾನ
ಮಂಗಳ : ಗರಿಷ್ಠ : 40°, ಕನಿಷ್ಠ : 29°
ಬುಧ : ಗರಿಷ್ಠ : 41°, ಕನಿಷ್ಠ : 29°
ಹೊಸಪೇಟೆ
ಮಂಗಳ : ಗರಿಷ್ಠ : 40°, ಕನಿಷ್ಠ : 32°
ಬುಧ : ಗರಿಷ್ಠ : 41°, ಕನಿಷ್ಠ : 30°
